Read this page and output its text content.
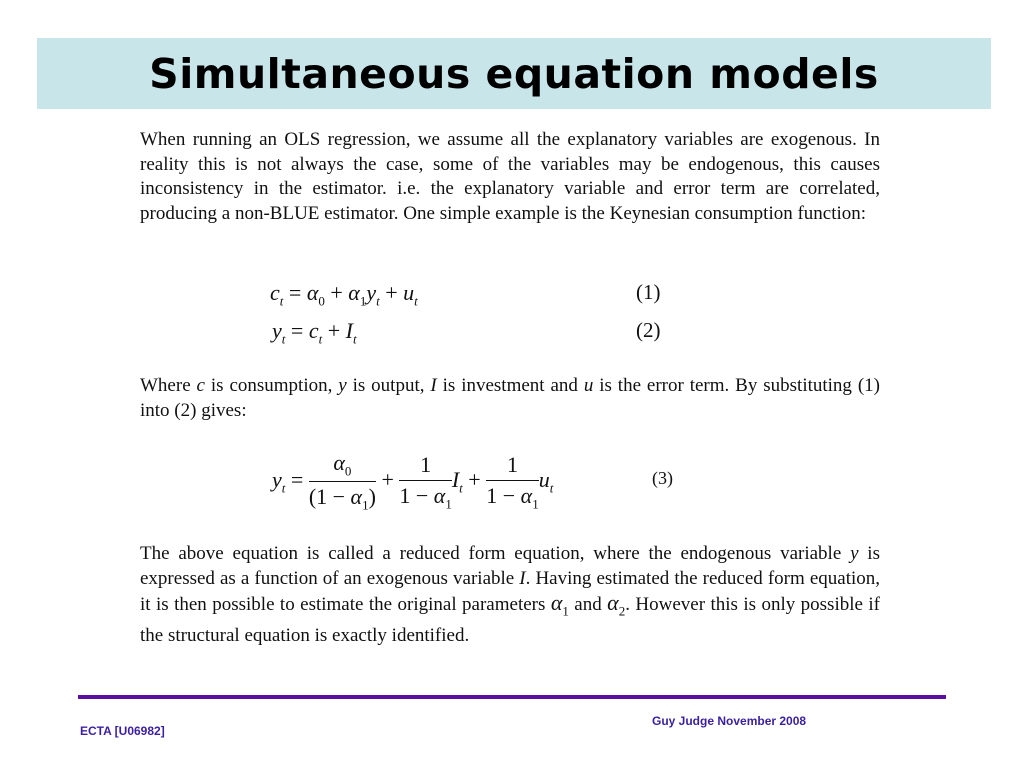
Simultaneous equation models

When running an OLS regression, we assume all the explanatory variables are exogenous. In reality this is not always the case, some of the variables may be endogenous, this causes inconsistency in the estimator. i.e. the explanatory variable and error term are correlated, producing a non-BLUE estimator. One simple example is the Keynesian consumption function:

$c_t = \alpha_0 + \alpha_1y_t + u_t$	(1)
$y_t = c_t + I_t$	(2)

Where c is consumption, y is output, I is investment and u is the error term. By substituting (1) into (2) gives:

$y_t = \frac{\alpha_0}{(1 - \alpha_1)} + \frac{1}{1 - \alpha_1} I_t + \frac{1}{1 - \alpha_1} u_t$	(3)

The above equation is called a reduced form equation, where the endogenous variable y is expressed as a function of an exogenous variable I. Having estimated the reduced form equation, it is then possible to estimate the original parameters $\alpha_1$ and $\alpha_2$. However this is only possible if the structural equation is exactly identified.

ECTA [U06982]
Guy Judge November 2008
